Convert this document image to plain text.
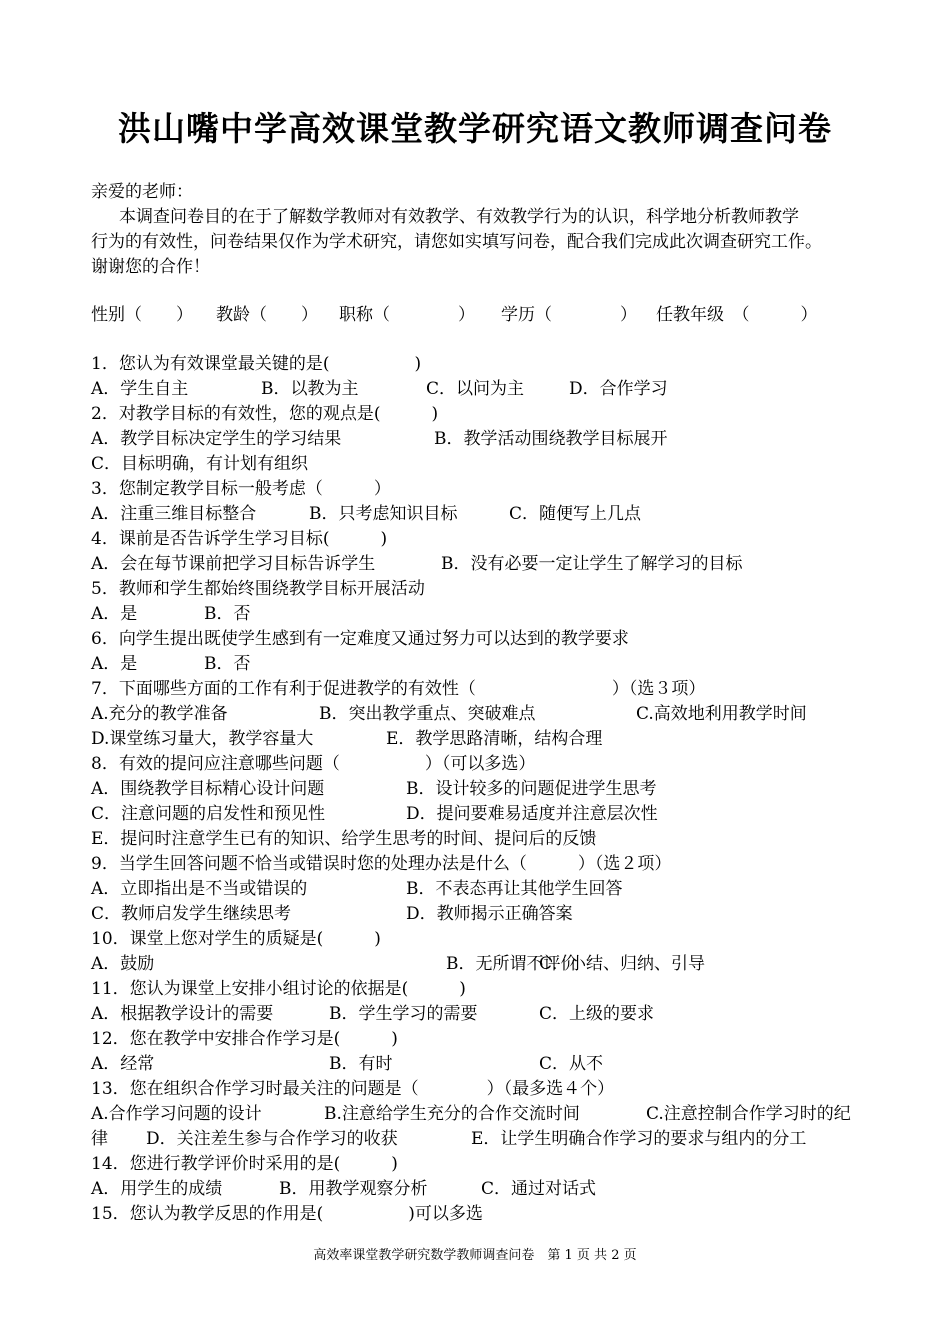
洪山嘴中学高效课堂教学研究语文教师调查问卷
亲爱的老师：
本调查问卷目的在于了解数学教师对有效教学、有效教学行为的认识，科学地分析教师教学
行为的有效性，问卷结果仅作为学术研究，请您如实填写问卷，配合我们完成此次调查研究工作。
谢谢您的合作！
性别（　　） 教龄（　　） 职称（　　　　） 学历（　　　　） 任教年级　（　　　）
1．您认为有效课堂最关键的是(　　　　　)
A．学生自主	B．以教为主	C．以问为主	D．合作学习
2．对教学目标的有效性，您的观点是(　　　)
A．教学目标决定学生的学习结果	B．教学活动围绕教学目标展开
C．目标明确，有计划有组织
3．您制定教学目标一般考虑（　　　）
A．注重三维目标整合	B．只考虑知识目标	C．随便写上几点
4．课前是否告诉学生学习目标(　　　)
A．会在每节课前把学习目标告诉学生	B．没有必要一定让学生了解学习的目标
5．教师和学生都始终围绕教学目标开展活动
A．是	B．否
6．向学生提出既使学生感到有一定难度又通过努力可以达到的教学要求
A．是	B．否
7．下面哪些方面的工作有利于促进教学的有效性（　　　　　　　　）（选３项）
A.充分的教学准备	B．突出教学重点、突破难点	C.高效地利用教学时间
D.课堂练习量大，教学容量大	E．教学思路清晰，结构合理
8．有效的提问应注意哪些问题（　　　　　）（可以多选）
A．围绕教学目标精心设计问题	B．设计较多的问题促进学生思考
C．注意问题的启发性和预见性	D．提问要难易适度并注意层次性
E．提问时注意学生已有的知识、给学生思考的时间、提问后的反馈
9．当学生回答问题不恰当或错误时您的处理办法是什么（　　　）（选２项）
A．立即指出是不当或错误的	B．不表态再让其他学生回答
C．教师启发学生继续思考	D．教师揭示正确答案
10．课堂上您对学生的质疑是(　　　)
A．鼓励	B．无所谓不评价
C．小结、归纳、引导
11．您认为课堂上安排小组讨论的依据是(　　　)
A．根据教学设计的需要	B．学生学习的需要	C．上级的要求
12．您在教学中安排合作学习是(　　　)
A．经常	B．有时	C．从不
13．您在组织合作学习时最关注的问题是（　　　　）（最多选４个）
A.合作学习问题的设计	B.注意给学生充分的合作交流时间	C.注意控制合作学习时的纪
律 D．关注差生参与合作学习的收获	E．让学生明确合作学习的要求与组内的分工
14．您进行教学评价时采用的是(　　　)
A．用学生的成绩	B．用教学观察分析	C．通过对话式
15．您认为教学反思的作用是(　　　　　)可以多选
高效率课堂教学研究数学教师调查问卷　第 1 页 共 2 页
